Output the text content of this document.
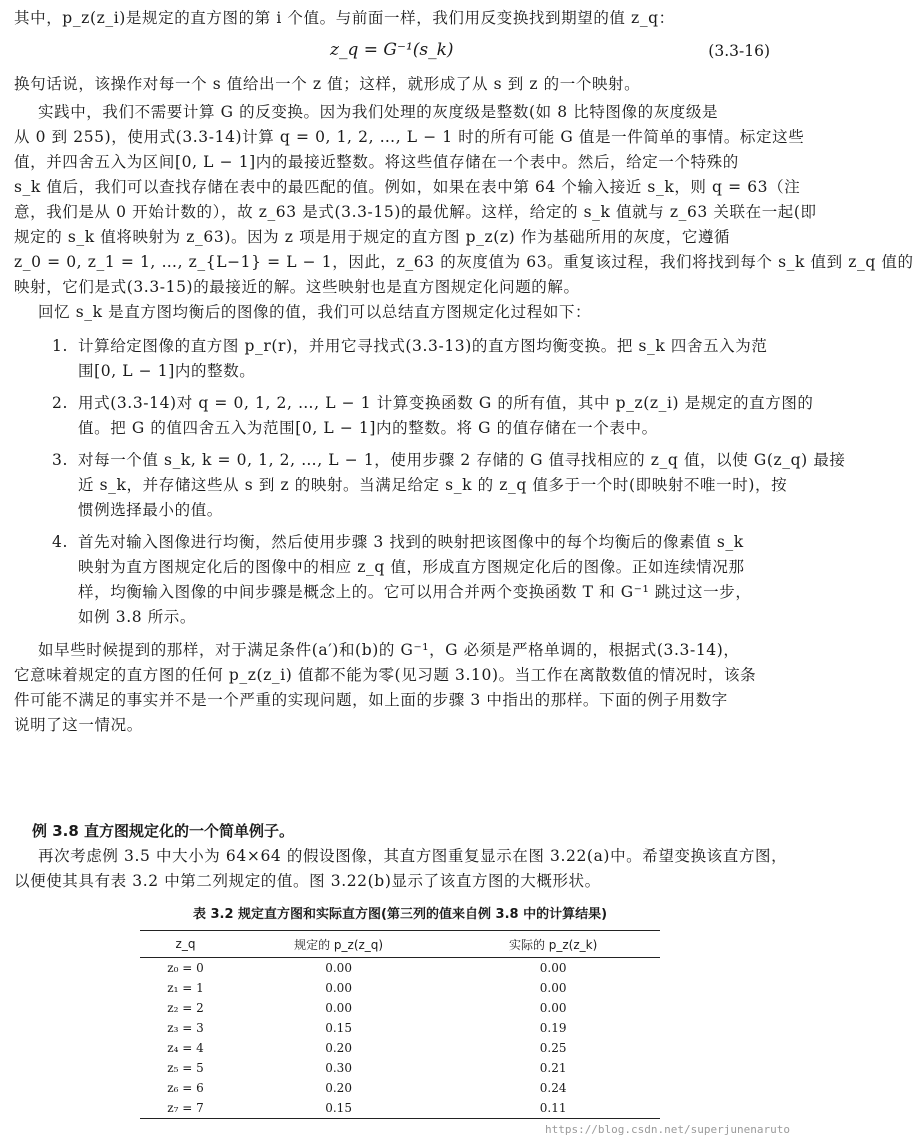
其中，p_z(z_i)是规定的直方图的第 i 个值。与前面一样，我们用反变换找到期望的值 z_q：
z_q = G⁻¹(s_k)	(3.3-16)
换句话说，该操作对每一个 s 值给出一个 z 值；这样，就形成了从 s 到 z 的一个映射。
实践中，我们不需要计算 G 的反变换。因为我们处理的灰度级是整数(如 8 比特图像的灰度级是
从 0 到 255)，使用式(3.3-14)计算 q = 0, 1, 2, …, L − 1 时的所有可能 G 值是一件简单的事情。标定这些
值，并四舍五入为区间[0, L − 1]内的最接近整数。将这些值存储在一个表中。然后，给定一个特殊的
s_k 值后，我们可以查找存储在表中的最匹配的值。例如，如果在表中第 64 个输入接近 s_k，则 q = 63（注
意，我们是从 0 开始计数的），故 z_63 是式(3.3-15)的最优解。这样，给定的 s_k 值就与 z_63 关联在一起(即
规定的 s_k 值将映射为 z_63)。因为 z 项是用于规定的直方图 p_z(z) 作为基础所用的灰度，它遵循
z_0 = 0, z_1 = 1, …, z_{L−1} = L − 1，因此，z_63 的灰度值为 63。重复该过程，我们将找到每个 s_k 值到 z_q 值的
映射，它们是式(3.3-15)的最接近的解。这些映射也是直方图规定化问题的解。
回忆 s_k 是直方图均衡后的图像的值，我们可以总结直方图规定化过程如下：
1. 计算给定图像的直方图 p_r(r)，并用它寻找式(3.3-13)的直方图均衡变换。把 s_k 四舍五入为范
围[0, L − 1]内的整数。
2. 用式(3.3-14)对 q = 0, 1, 2, …, L − 1 计算变换函数 G 的所有值，其中 p_z(z_i) 是规定的直方图的
值。把 G 的值四舍五入为范围[0, L − 1]内的整数。将 G 的值存储在一个表中。
3. 对每一个值 s_k, k = 0, 1, 2, …, L − 1，使用步骤 2 存储的 G 值寻找相应的 z_q 值，以使 G(z_q) 最接
近 s_k，并存储这些从 s 到 z 的映射。当满足给定 s_k 的 z_q 值多于一个时(即映射不唯一时)，按
惯例选择最小的值。
4. 首先对输入图像进行均衡，然后使用步骤 3 找到的映射把该图像中的每个均衡后的像素值 s_k
映射为直方图规定化后的图像中的相应 z_q 值，形成直方图规定化后的图像。正如连续情况那
样，均衡输入图像的中间步骤是概念上的。它可以用合并两个变换函数 T 和 G⁻¹ 跳过这一步，
如例 3.8 所示。
如早些时候提到的那样，对于满足条件(a′)和(b)的 G⁻¹，G 必须是严格单调的，根据式(3.3-14)，
它意味着规定的直方图的任何 p_z(z_i) 值都不能为零(见习题 3.10)。当工作在离散数值的情况时，该条
件可能不满足的事实并不是一个严重的实现问题，如上面的步骤 3 中指出的那样。下面的例子用数字
说明了这一情况。
例 3.8 直方图规定化的一个简单例子。
再次考虑例 3.5 中大小为 64×64 的假设图像，其直方图重复显示在图 3.22(a)中。希望变换该直方图，
以便使其具有表 3.2 中第二列规定的值。图 3.22(b)显示了该直方图的大概形状。
表 3.2 规定直方图和实际直方图(第三列的值来自例 3.8 中的计算结果)
z_q	规定的 p_z(z_q)	实际的 p_z(z_k)
z₀ = 0	0.00	0.00
z₁ = 1	0.00	0.00
z₂ = 2	0.00	0.00
z₃ = 3	0.15	0.19
z₄ = 4	0.20	0.25
z₅ = 5	0.30	0.21
z₆ = 6	0.20	0.24
z₇ = 7	0.15	0.11
https://blog.csdn.net/superjunenaruto
